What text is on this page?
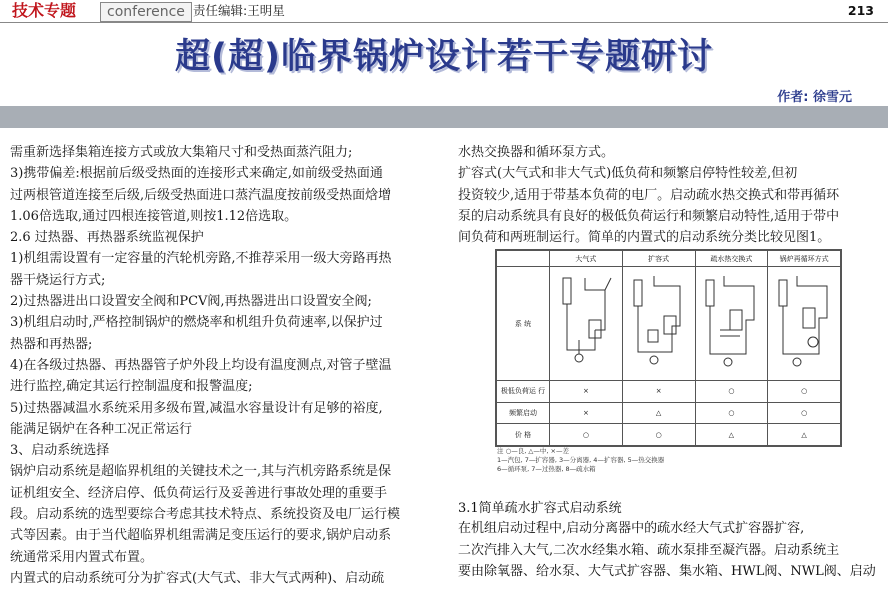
技术专题	conference 责任编辑:王明星	213
超(超)临界锅炉设计若干专题研讨
作者: 徐雪元

需重新选择集箱连接方式或放大集箱尺寸和受热面蒸汽阻力;

3)携带偏差:根据前后级受热面的连接形式来确定,如前级受热面通

过两根管道连接至后级,后级受热面进口蒸汽温度按前级受热面焓增

1.06倍选取,通过四根连接管道,则按1.12倍选取。

2.6 过热器、再热器系统监视保护

1)机组需设置有一定容量的汽轮机旁路,不推荐采用一级大旁路再热

器干烧运行方式;

2)过热器进出口设置安全阀和PCV阀,再热器进出口设置安全阀;

3)机组启动时,严格控制锅炉的燃烧率和机组升负荷速率,以保护过

热器和再热器;

4)在各级过热器、再热器管子炉外段上均设有温度测点,对管子壁温

进行监控,确定其运行控制温度和报警温度;

5)过热器减温水系统采用多级布置,减温水容量设计有足够的裕度,

能满足锅炉在各种工况正常运行

3、启动系统选择

锅炉启动系统是超临界机组的关键技术之一,其与汽机旁路系统是保

证机组安全、经济启停、低负荷运行及妥善进行事故处理的重要手

段。启动系统的选型要综合考虑其技术特点、系统投资及电厂运行模

式等因素。由于当代超临界机组需满足变压运行的要求,锅炉启动系

统通常采用内置式布置。

内置式的启动系统可分为扩容式(大气式、非大气式两种)、启动疏

水热交换器和循环泵方式。

扩容式(大气式和非大气式)低负荷和频繁启停特性较差,但初

投资较少,适用于带基本负荷的电厂。启动疏水热交换式和带再循环

泵的启动系统具有良好的极低负荷运行和频繁启动特性,适用于带中

间负荷和两班制运行。简单的内置式的启动系统分类比较见图1。

	大气式	扩容式	疏水热交换式	锅炉再循环方式
系 统				
极低负荷运 行	×	×	○	○
频繁启动	×	△	○	○
价 格	○	○	△	△

注 ○—良, △—中, ×—差

1—汽包, 7—扩容器, 3—分离器, 4—扩容器, 5—热交换器

6—循环泵, 7—过热器, 8—疏水箱

3.1简单疏水扩容式启动系统

在机组启动过程中,启动分离器中的疏水经大气式扩容器扩容,

二次汽排入大气,二次水经集水箱、疏水泵排至凝汽器。启动系统主

要由除氧器、给水泵、大气式扩容器、集水箱、HWL阀、NWL阀、启动
